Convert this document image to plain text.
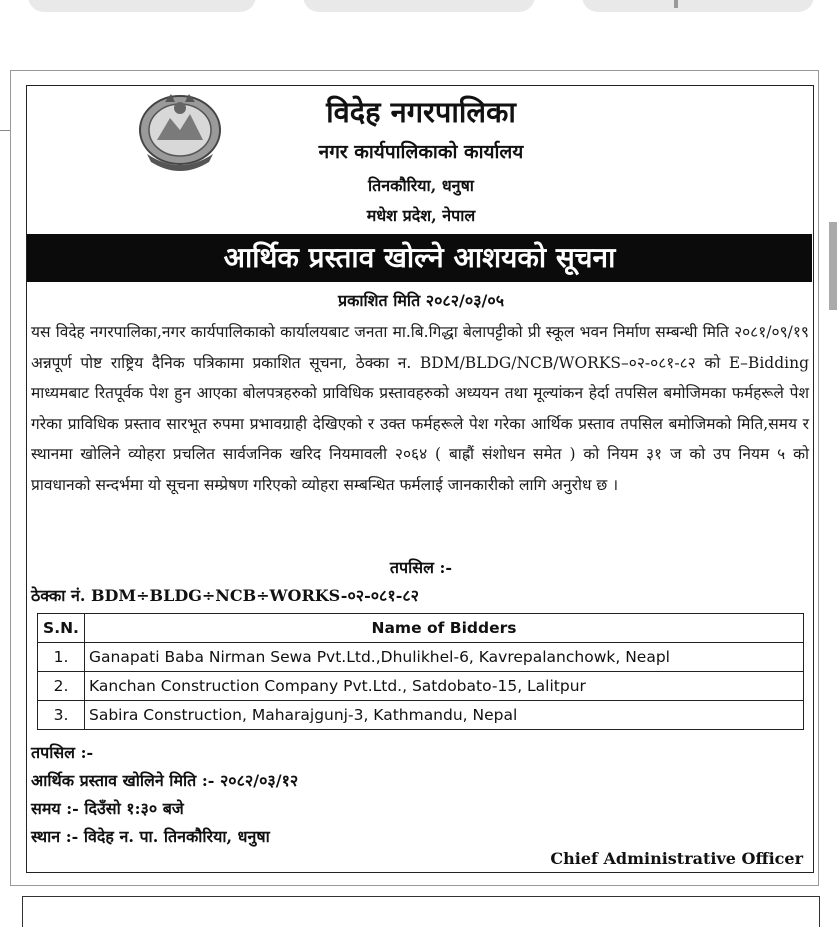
विदेह नगरपालिका
नगर कार्यपालिकाको कार्यालय
तिनकौरिया, धनुषा
मधेश प्रदेश, नेपाल
आर्थिक प्रस्ताव खोल्ने आशयको सूचना
प्रकाशित मिति २०८२/०३/०५
यस विदेह नगरपालिका,नगर कार्यपालिकाको कार्यालयबाट जनता मा.बि.गिद्धा बेलापट्टीको प्री स्कूल भवन निर्माण सम्बन्धी मिति २०८१/०९/१९ अन्नपूर्ण पोष्ट राष्ट्रिय दैनिक पत्रिकामा प्रकाशित सूचना, ठेक्का न. BDM/BLDG/NCB/WORKS–०२-०८१-८२ को E–Bidding माध्यमबाट रितपूर्वक पेश हुन आएका बोलपत्रहरुको प्राविधिक प्रस्तावहरुको अध्ययन तथा मूल्यांकन हेर्दा तपसिल बमोजिमका फर्महरूले पेश गरेका प्राविधिक प्रस्ताव सारभूत रुपमा प्रभावग्राही देखिएको र उक्त फर्महरूले पेश गरेका आर्थिक प्रस्ताव तपसिल बमोजिमको मिति,समय र स्थानमा खोलिने व्योहरा प्रचलित सार्वजनिक खरिद नियमावली २०६४ ( बाह्रौं संशोधन समेत ) को नियम ३१ ज को उप नियम ५ को प्रावधानको सन्दर्भमा यो सूचना सम्प्रेषण गरिएको व्योहरा सम्बन्धित फर्मलाई जानकारीको लागि अनुरोध छ ।
तपसिल :-
ठेक्का नं. BDM÷BLDG÷NCB÷WORKS-०२-०८१-८२
S.N.	Name of Bidders
1.	Ganapati Baba Nirman Sewa Pvt.Ltd.,Dhulikhel-6, Kavrepalanchowk, Neapl
2.	Kanchan Construction Company Pvt.Ltd., Satdobato-15, Lalitpur
3.	Sabira Construction, Maharajgunj-3, Kathmandu, Nepal
तपसिल :-
आर्थिक प्रस्ताव खोलिने मिति :- २०८२/०३/१२
समय :- दिउँसो १:३० बजे
स्थान :- विदेह न. पा. तिनकौरिया, धनुषा
Chief Administrative Officer
